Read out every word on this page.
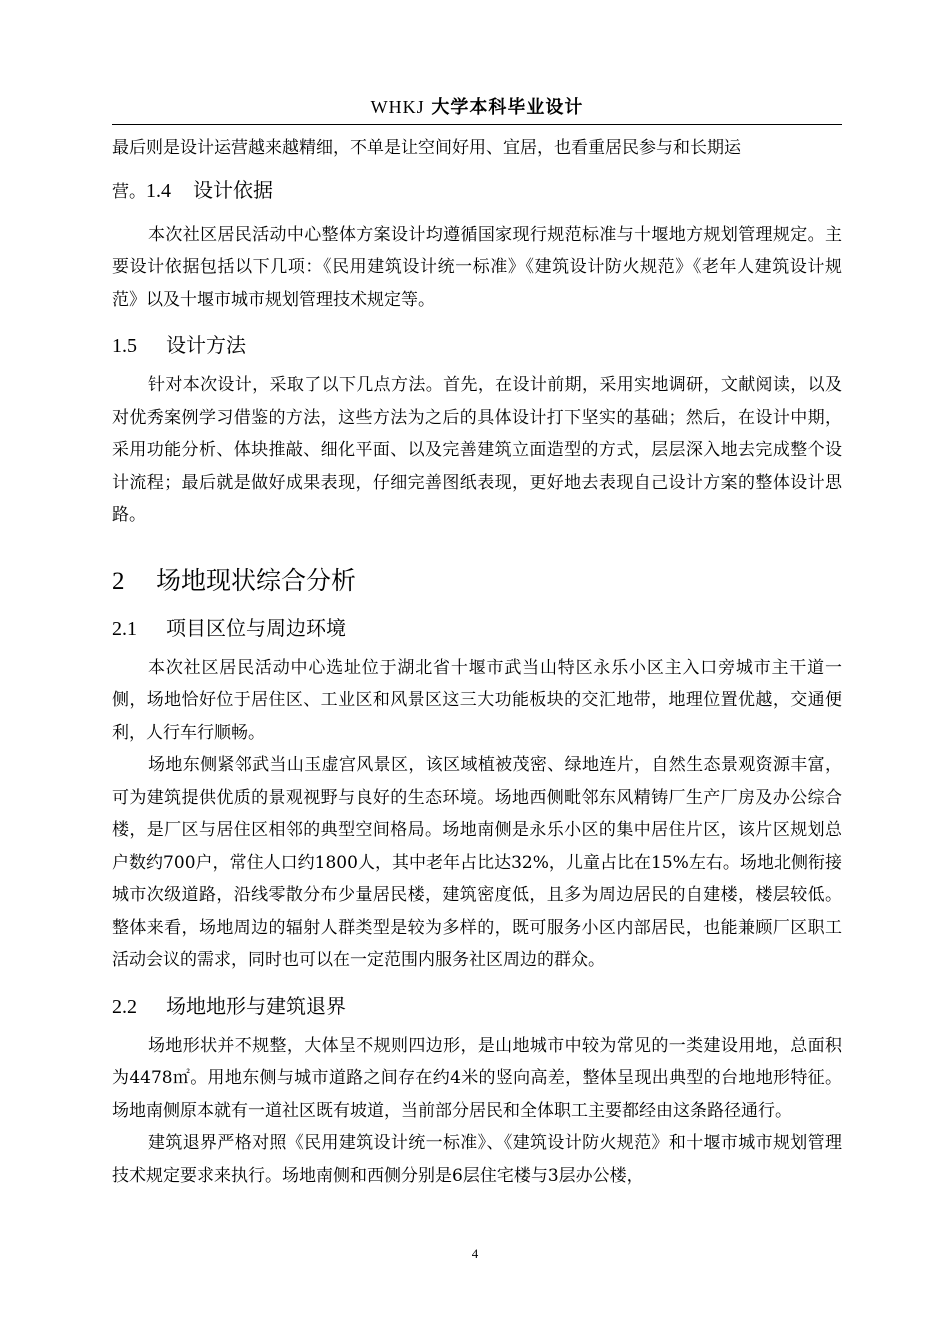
WHKJ 大学本科毕业设计

最后则是设计运营越来越精细，不单是让空间好用、宜居，也看重居民参与和长期运

营。1.4 设计依据

本次社区居民活动中心整体方案设计均遵循国家现行规范标准与十堰地方规划管理规定。主要设计依据包括以下几项：《民用建筑设计统一标准》《建筑设计防火规范》《老年人建筑设计规范》以及十堰市城市规划管理技术规定等。

1.5 设计方法

针对本次设计，采取了以下几点方法。首先，在设计前期，采用实地调研，文献阅读，以及对优秀案例学习借鉴的方法，这些方法为之后的具体设计打下坚实的基础；然后，在设计中期，采用功能分析、体块推敲、细化平面、以及完善建筑立面造型的方式，层层深入地去完成整个设计流程；最后就是做好成果表现，仔细完善图纸表现，更好地去表现自己设计方案的整体设计思路。

2 场地现状综合分析
2.1 项目区位与周边环境

本次社区居民活动中心选址位于湖北省十堰市武当山特区永乐小区主入口旁城市主干道一侧，场地恰好位于居住区、工业区和风景区这三大功能板块的交汇地带，地理位置优越，交通便利，人行车行顺畅。

场地东侧紧邻武当山玉虚宫风景区，该区域植被茂密、绿地连片，自然生态景观资源丰富，可为建筑提供优质的景观视野与良好的生态环境。场地西侧毗邻东风精铸厂生产厂房及办公综合楼，是厂区与居住区相邻的典型空间格局。场地南侧是永乐小区的集中居住片区，该片区规划总户数约700户，常住人口约1800人，其中老年占比达32%，儿童占比在15%左右。场地北侧衔接城市次级道路，沿线零散分布少量居民楼，建筑密度低，且多为周边居民的自建楼，楼层较低。整体来看，场地周边的辐射人群类型是较为多样的，既可服务小区内部居民，也能兼顾厂区职工活动会议的需求，同时也可以在一定范围内服务社区周边的群众。

2.2 场地地形与建筑退界

场地形状并不规整，大体呈不规则四边形，是山地城市中较为常见的一类建设用地，总面积为4478㎡。用地东侧与城市道路之间存在约4米的竖向高差，整体呈现出典型的台地地形特征。场地南侧原本就有一道社区既有坡道，当前部分居民和全体职工主要都经由这条路径通行。

建筑退界严格对照《民用建筑设计统一标准》、《建筑设计防火规范》和十堰市城市规划管理技术规定要求来执行。场地南侧和西侧分别是6层住宅楼与3层办公楼，

4
